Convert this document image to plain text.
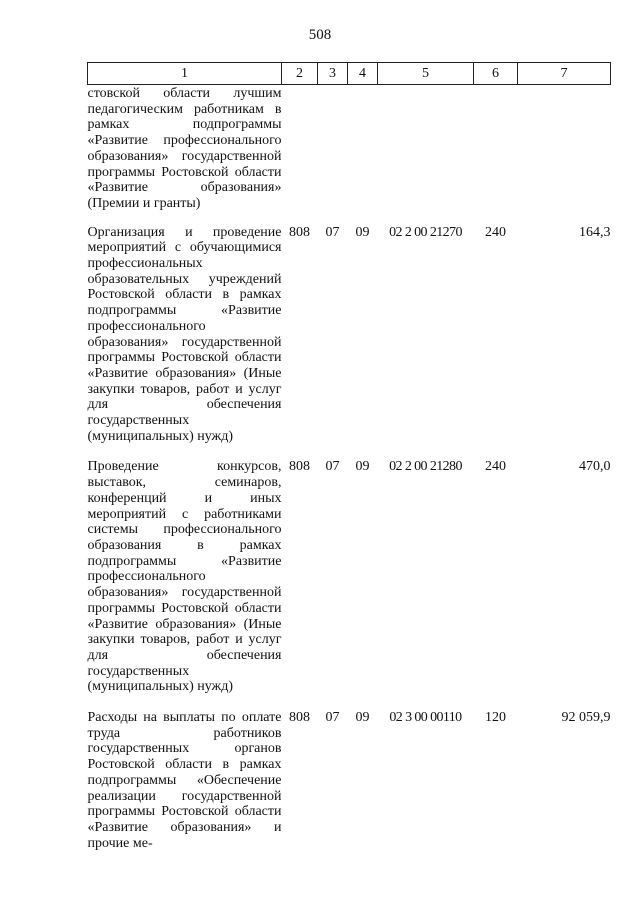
508
1	2	3	4	5	6	7
стовской области лучшим педагогическим работникам в рамках подпрограммы «Развитие профессионального образования» государственной программы Ростовской области «Развитие образования» (Премии и гранты)						
Организация и проведение мероприятий с обучающимися профессиональных образовательных учреждений Ростовской области в рамках подпрограммы «Развитие профессионального образования» государственной программы Ростовской области «Развитие образования» (Иные закупки товаров, работ и услуг для обеспечения государственных (муниципальных) нужд)	808	07	09	02 2 00 21270	240	164,3
Проведение конкурсов, выставок, семинаров, конференций и иных мероприятий с работниками системы профессионального образования в рамках подпрограммы «Развитие профессионального образования» государственной программы Ростовской области «Развитие образования» (Иные закупки товаров, работ и услуг для обеспечения государственных (муниципальных) нужд)	808	07	09	02 2 00 21280	240	470,0
Расходы на выплаты по оплате труда работников государственных органов Ростовской области в рамках подпрограммы «Обеспечение реализации государственной программы Ростовской области «Развитие образования» и прочие ме-	808	07	09	02 3 00 00110	120	92 059,9
